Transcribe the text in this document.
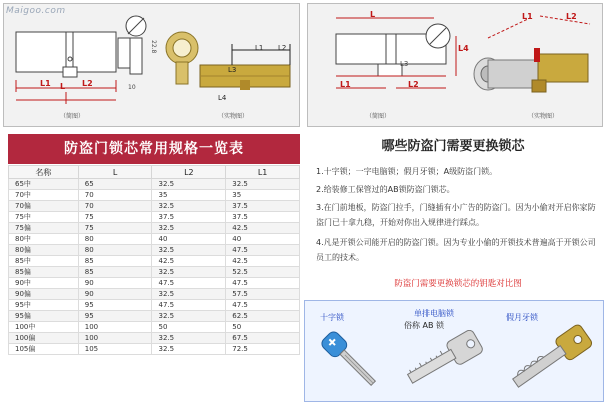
Maigoo.com
L
L1	L2	10
22.8	L1 L2
L3
L4
（简图）	（实物图）
L
L1	L2
L3
L4
L1	L2
（简图）	（实物图）
防盗门锁芯常用规格一览表
名称	L	L2	L1
65中	65	32.5	32.5
70中	70	35	35
70偏	70	32.5	37.5
75中	75	37.5	37.5
75偏	75	32.5	42.5
80中	80	40	40
80偏	80	32.5	47.5
85中	85	42.5	42.5
85偏	85	32.5	52.5
90中	90	47.5	47.5
90偏	90	32.5	57.5
95中	95	47.5	47.5
95偏	95	32.5	62.5
100中	100	50	50
100偏	100	32.5	67.5
105偏	105	32.5	72.5
哪些防盗门需要更换锁芯
1.十字锁；一字电脑锁；假月牙锁；A级防盗门锁。
2.给装修工保管过的AB锁防盗门锁芯。
3.在门前地板，防盗门拉手，门缝插有小广告的防盗门。因为小偷对开启你家防盗门已十拿九稳，开始对你出入规律进行踩点。
4.凡是开锁公司能开启的防盗门锁。因为专业小偷的开锁技术普遍高于开锁公司员工的技术。
防盗门需要更换锁芯的钥匙对比图
十字锁	单排电脑锁
俗称 AB 锁
假月牙锁
